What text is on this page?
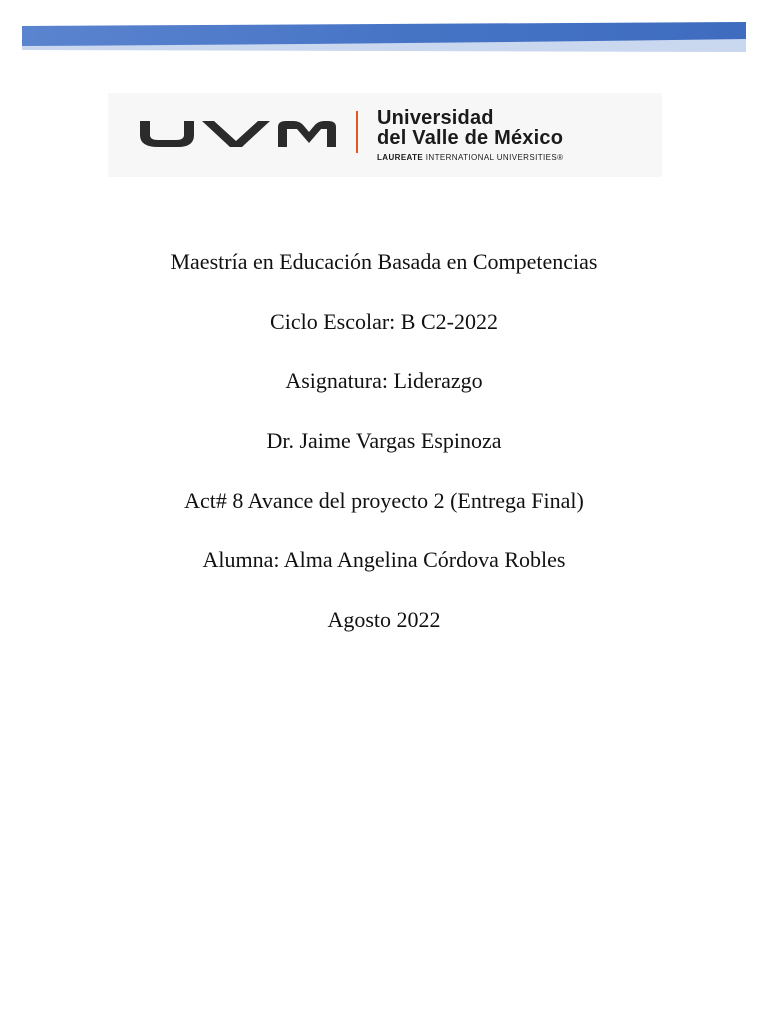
Universidad
del Valle de México
LAUREATE INTERNATIONAL UNIVERSITIES®
Maestría en Educación Basada en Competencias
Ciclo Escolar: B C2-2022
Asignatura: Liderazgo
Dr. Jaime Vargas Espinoza
Act# 8 Avance del proyecto 2 (Entrega Final)
Alumna: Alma Angelina Córdova Robles
Agosto 2022
